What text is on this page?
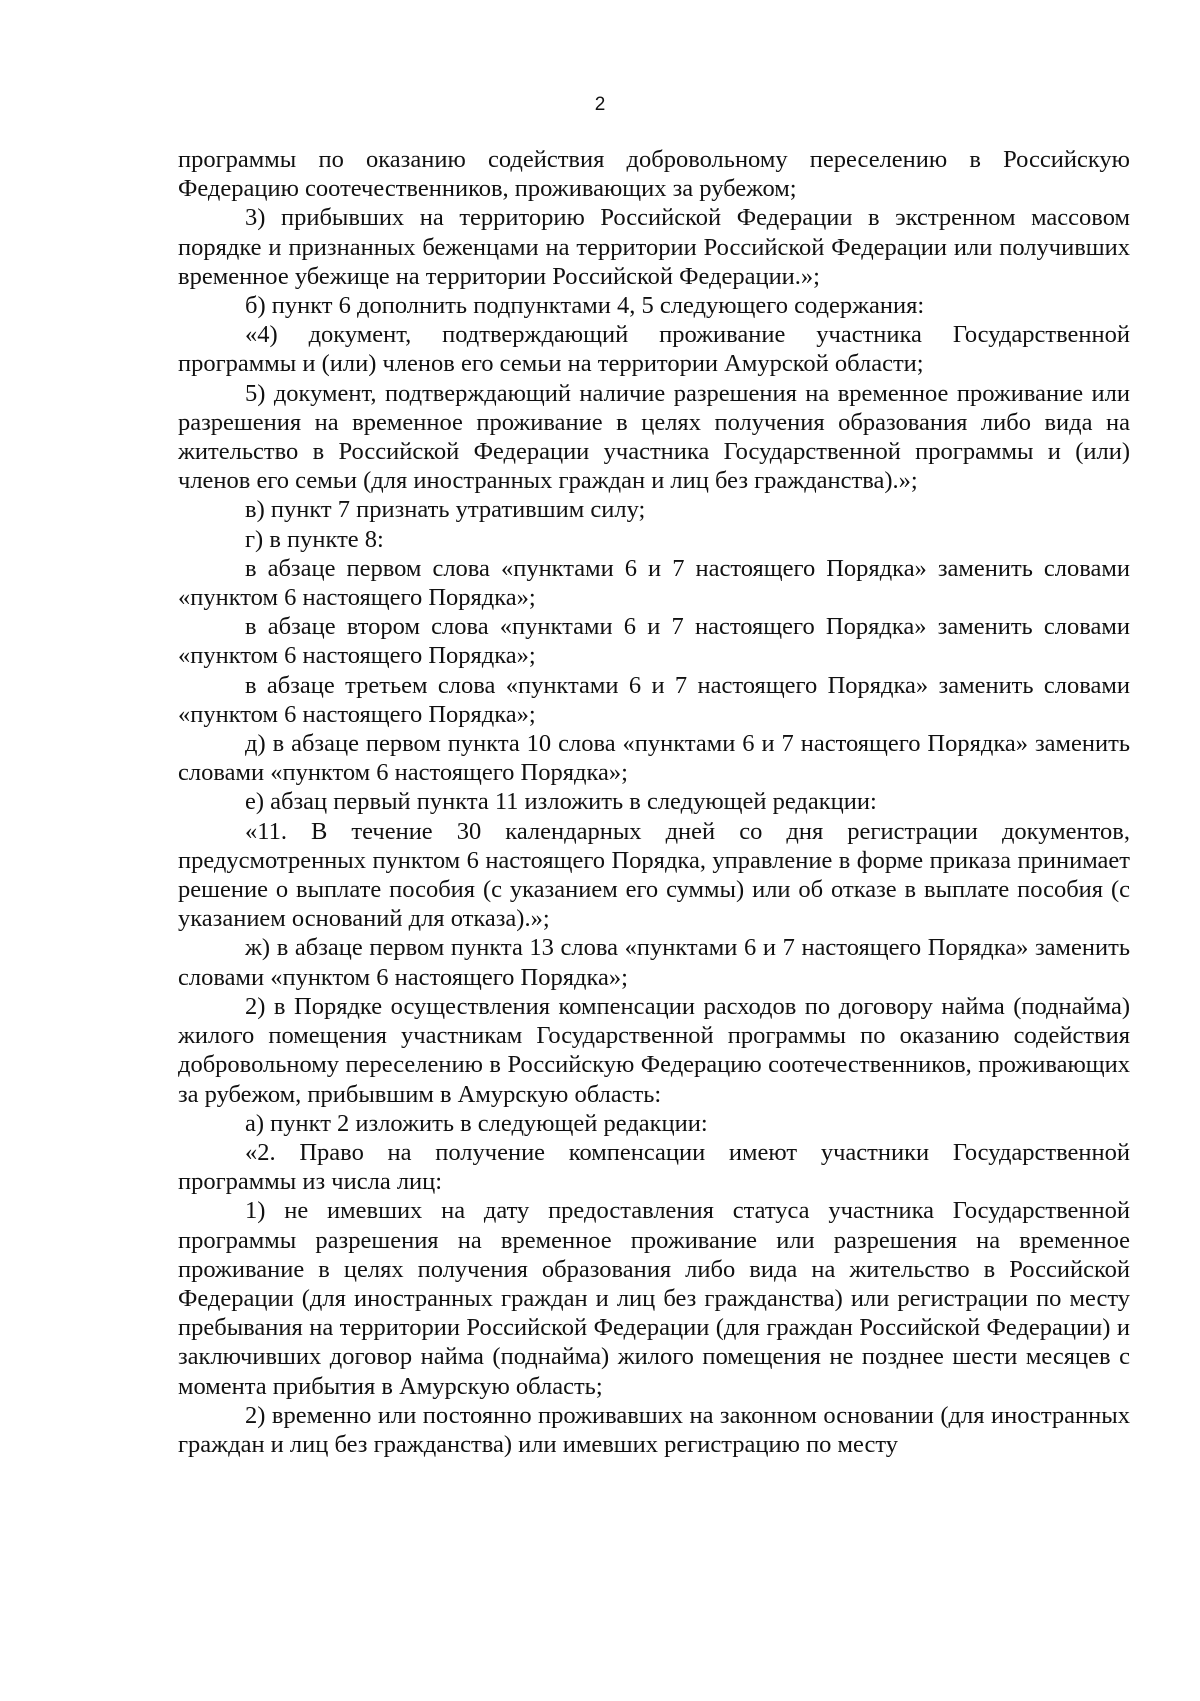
2

программы по оказанию содействия добровольному переселению в Российскую Федерацию соотечественников, проживающих за рубежом;

3) прибывших на территорию Российской Федерации в экстренном массовом порядке и признанных беженцами на территории Российской Федерации или получивших временное убежище на территории Российской Федерации.»;

б) пункт 6 дополнить подпунктами 4, 5 следующего содержания:

«4) документ, подтверждающий проживание участника Государственной программы и (или) членов его семьи на территории Амурской области;

5) документ, подтверждающий наличие разрешения на временное проживание или разрешения на временное проживание в целях получения образования либо вида на жительство в Российской Федерации участника Государственной программы и (или) членов его семьи (для иностранных граждан и лиц без гражданства).»;

в) пункт 7 признать утратившим силу;

г) в пункте 8:

в абзаце первом слова «пунктами 6 и 7 настоящего Порядка» заменить словами «пунктом 6 настоящего Порядка»;

в абзаце втором слова «пунктами 6 и 7 настоящего Порядка» заменить словами «пунктом 6 настоящего Порядка»;

в абзаце третьем слова «пунктами 6 и 7 настоящего Порядка» заменить словами «пунктом 6 настоящего Порядка»;

д) в абзаце первом пункта 10 слова «пунктами 6 и 7 настоящего Порядка» заменить словами «пунктом 6 настоящего Порядка»;

е) абзац первый пункта 11 изложить в следующей редакции:

«11. В течение 30 календарных дней со дня регистрации документов, предусмотренных пунктом 6 настоящего Порядка, управление в форме приказа принимает решение о выплате пособия (с указанием его суммы) или об отказе в выплате пособия (с указанием оснований для отказа).»;

ж) в абзаце первом пункта 13 слова «пунктами 6 и 7 настоящего Порядка» заменить словами «пунктом 6 настоящего Порядка»;

2) в Порядке осуществления компенсации расходов по договору найма (поднайма) жилого помещения участникам Государственной программы по оказанию содействия добровольному переселению в Российскую Федерацию соотечественников, проживающих за рубежом, прибывшим в Амурскую область:

а) пункт 2 изложить в следующей редакции:

«2. Право на получение компенсации имеют участники Государственной программы из числа лиц:

1) не имевших на дату предоставления статуса участника Государственной программы разрешения на временное проживание или разрешения на временное проживание в целях получения образования либо вида на жительство в Российской Федерации (для иностранных граждан и лиц без гражданства) или регистрации по месту пребывания на территории Российской Федерации (для граждан Российской Федерации) и заключивших договор найма (поднайма) жилого помещения не позднее шести месяцев с момента прибытия в Амурскую область;

2) временно или постоянно проживавших на законном основании (для иностранных граждан и лиц без гражданства) или имевших регистрацию по месту
